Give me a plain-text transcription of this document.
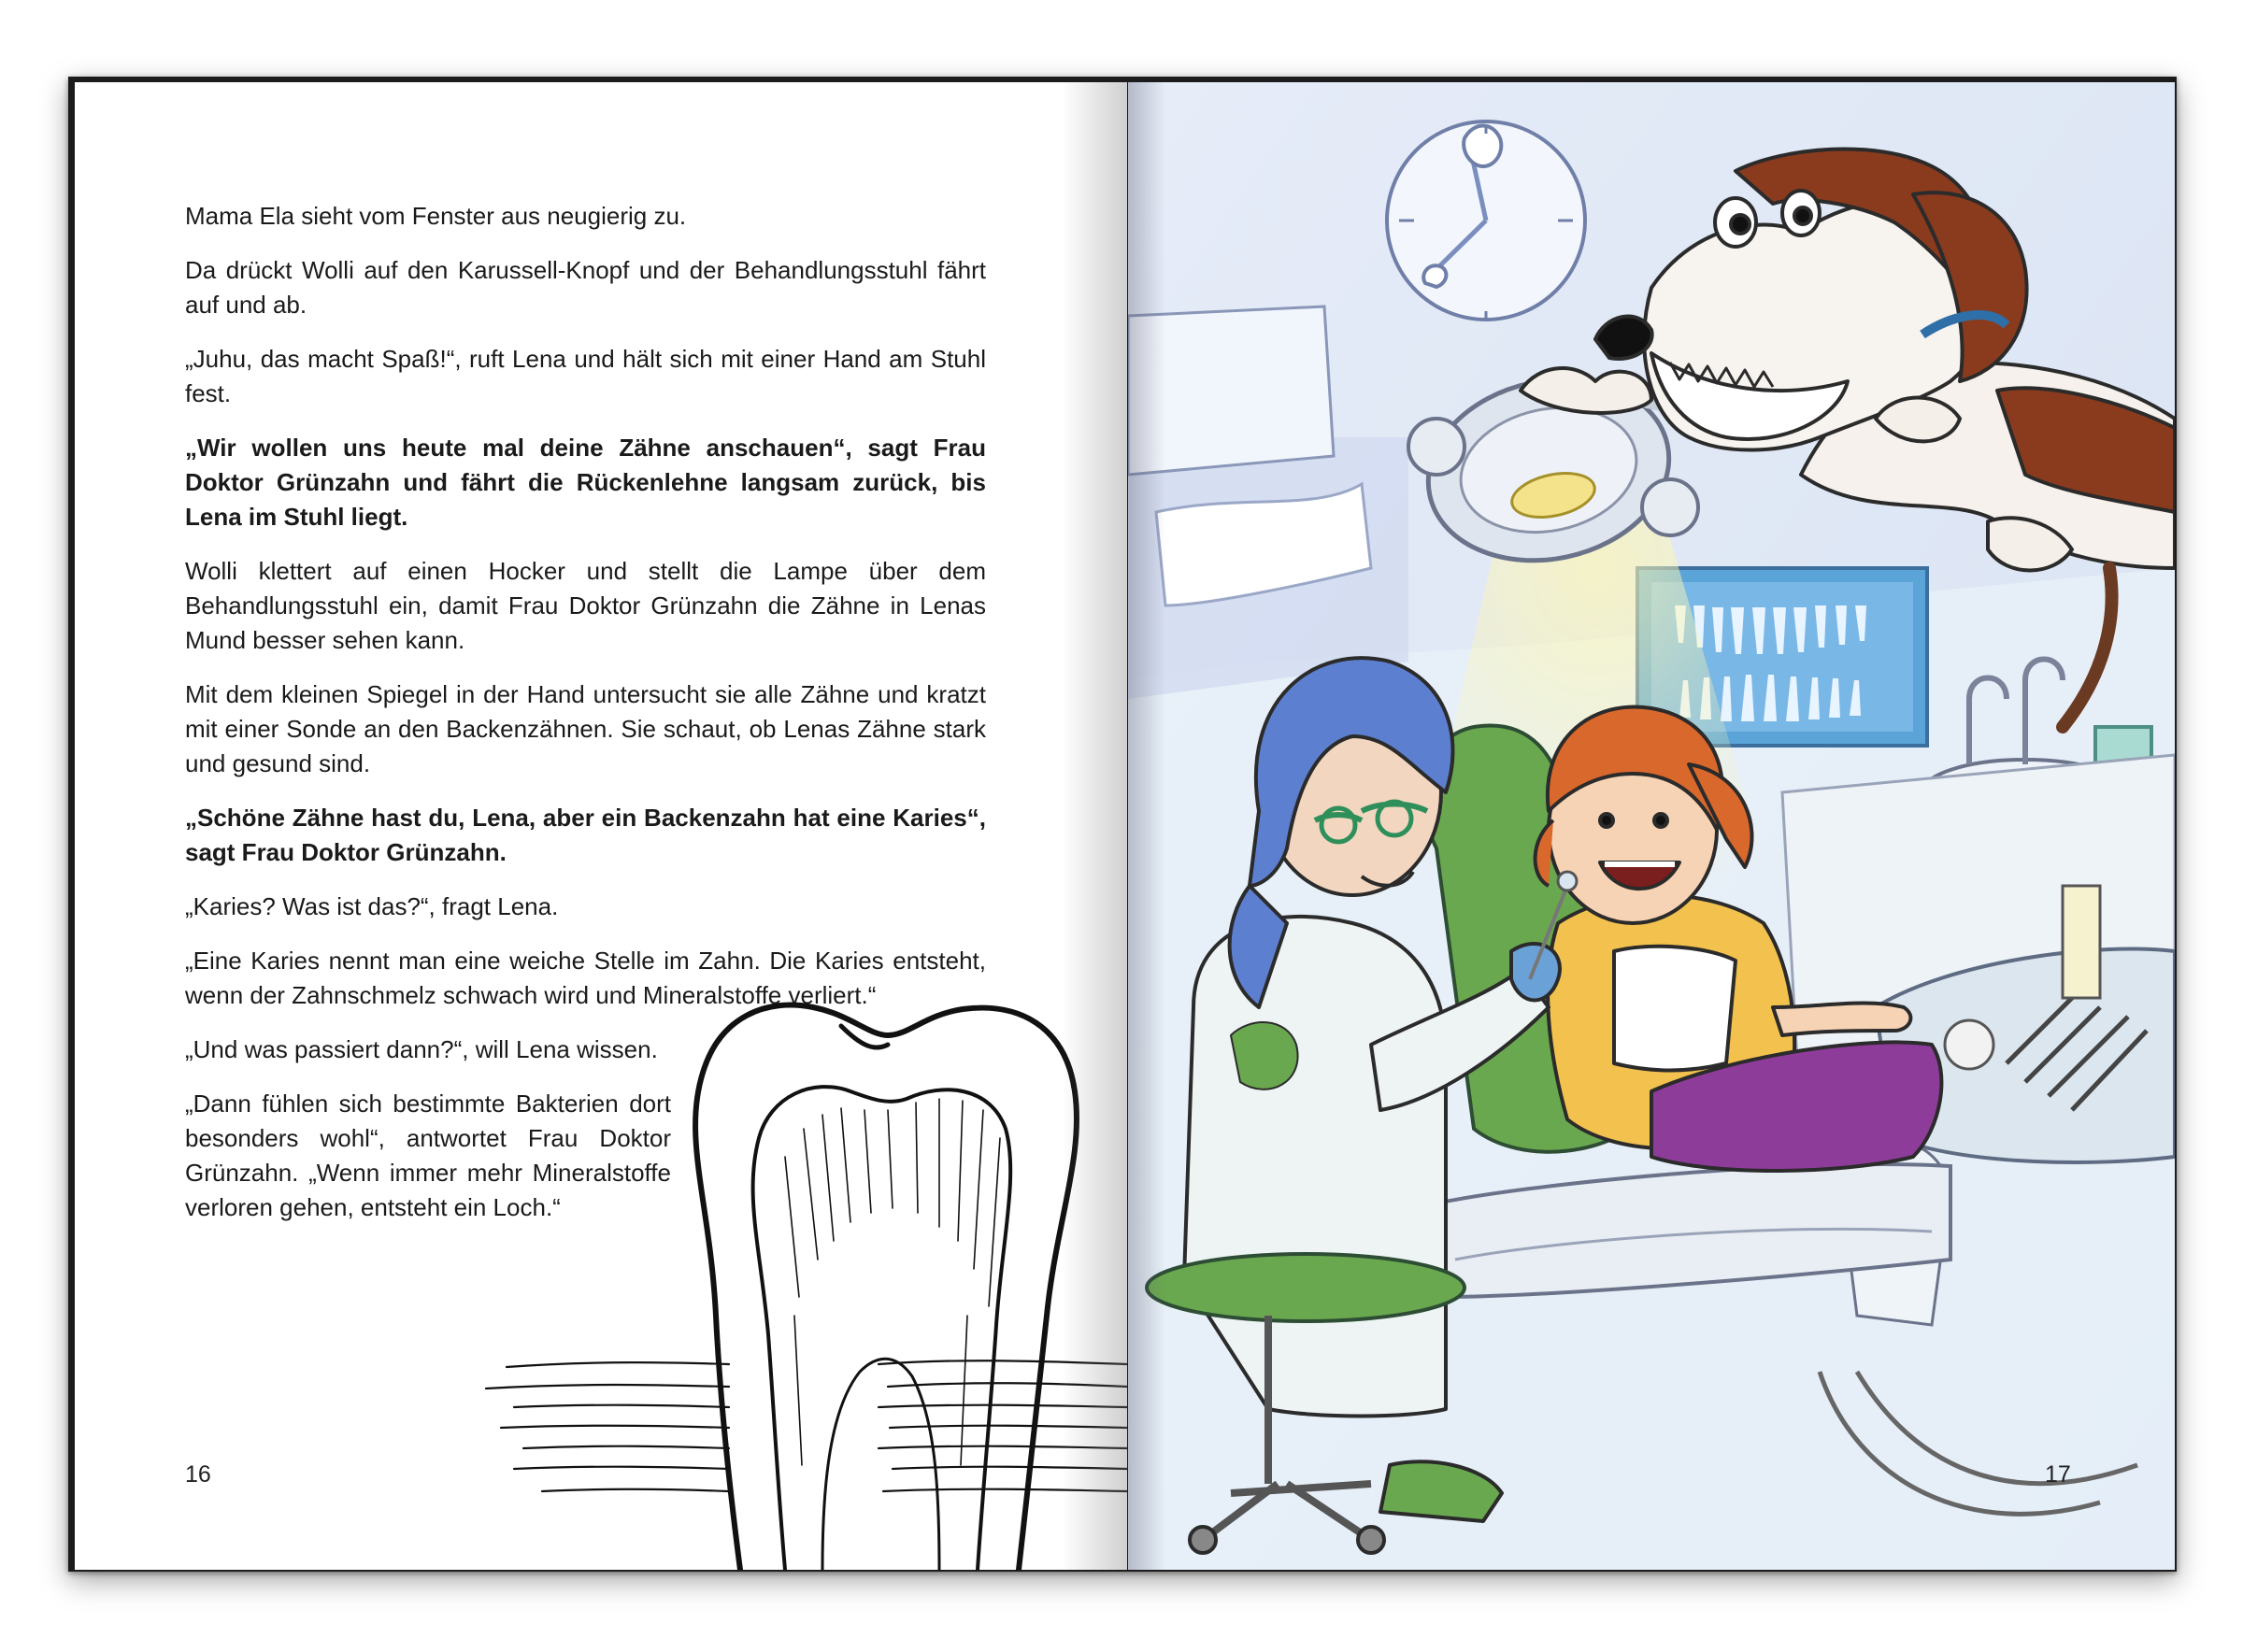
Mama Ela sieht vom Fenster aus neugierig zu.

Da drückt Wolli auf den Karussell-Knopf und der Behandlungsstuhl fährt auf und ab.

„Juhu, das macht Spaß!“, ruft Lena und hält sich mit einer Hand am Stuhl fest.

„Wir wollen uns heute mal deine Zähne anschauen“, sagt Frau Doktor Grünzahn und fährt die Rückenlehne langsam zurück, bis Lena im Stuhl liegt.

Wolli klettert auf einen Hocker und stellt die Lampe über dem Behandlungsstuhl ein, damit Frau Doktor Grünzahn die Zähne in Lenas Mund besser sehen kann.

Mit dem kleinen Spiegel in der Hand untersucht sie alle Zähne und kratzt mit einer Sonde an den Backenzähnen. Sie schaut, ob Lenas Zähne stark und gesund sind.

„Schöne Zähne hast du, Lena, aber ein Backenzahn hat eine Karies“, sagt Frau Doktor Grünzahn.

„Karies? Was ist das?“, fragt Lena.

„Eine Karies nennt man eine weiche Stelle im Zahn. Die Karies entsteht, wenn der Zahnschmelz schwach wird und Mineralstoffe verliert.“

„Und was passiert dann?“, will Lena wissen.

„Dann fühlen sich bestimmte Bakterien dort besonders wohl“, antwortet Frau Doktor Grünzahn. „Wenn immer mehr Mineralstoffe verloren gehen, entsteht ein Loch.“

16	17
